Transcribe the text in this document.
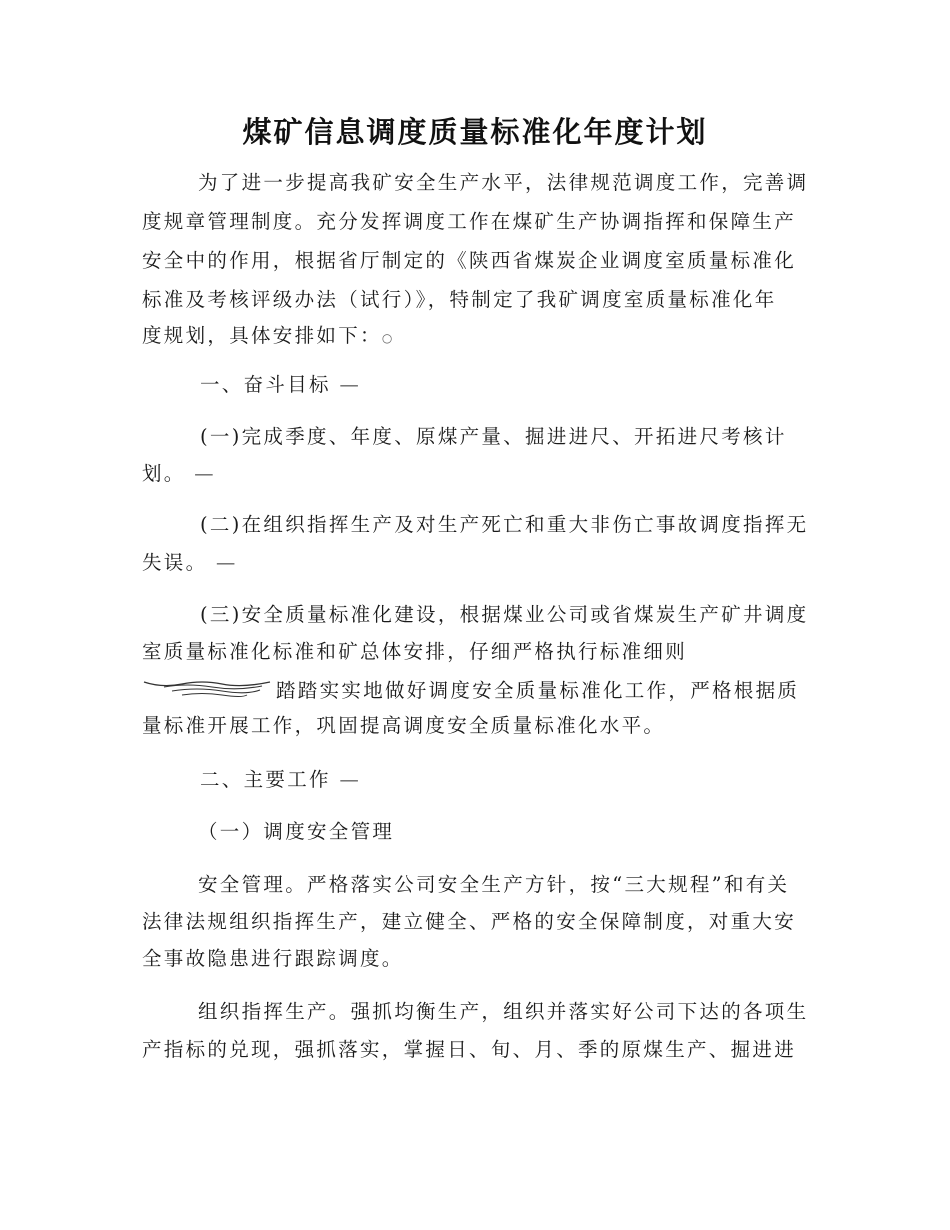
煤矿信息调度质量标准化年度计划
为了进一步提高我矿安全生产水平，法律规范调度工作，完善调
度规章管理制度。充分发挥调度工作在煤矿生产协调指挥和保障生产
安全中的作用，根据省厅制定的《陕西省煤炭企业调度室质量标准化
标准及考核评级办法（试行）》，特制定了我矿调度室质量标准化年
度规划，具体安排如下：○
一、奋斗目标 —
(一)完成季度、年度、原煤产量、掘进进尺、开拓进尺考核计
划。 —
(二)在组织指挥生产及对生产死亡和重大非伤亡事故调度指挥无
失误。 —
(三)安全质量标准化建设，根据煤业公司或省煤炭生产矿井调度
室质量标准化标准和矿总体安排，仔细严格执行标准细则
踏踏实实地做好调度安全质量标准化工作，严格根据质
量标准开展工作，巩固提高调度安全质量标准化水平。
二、主要工作 —
（一）调度安全管理
安全管理。严格落实公司安全生产方针，按“三大规程”和有关
法律法规组织指挥生产，建立健全、严格的安全保障制度，对重大安
全事故隐患进行跟踪调度。
组织指挥生产。强抓均衡生产，组织并落实好公司下达的各项生
产指标的兑现，强抓落实，掌握日、旬、月、季的原煤生产、掘进进
